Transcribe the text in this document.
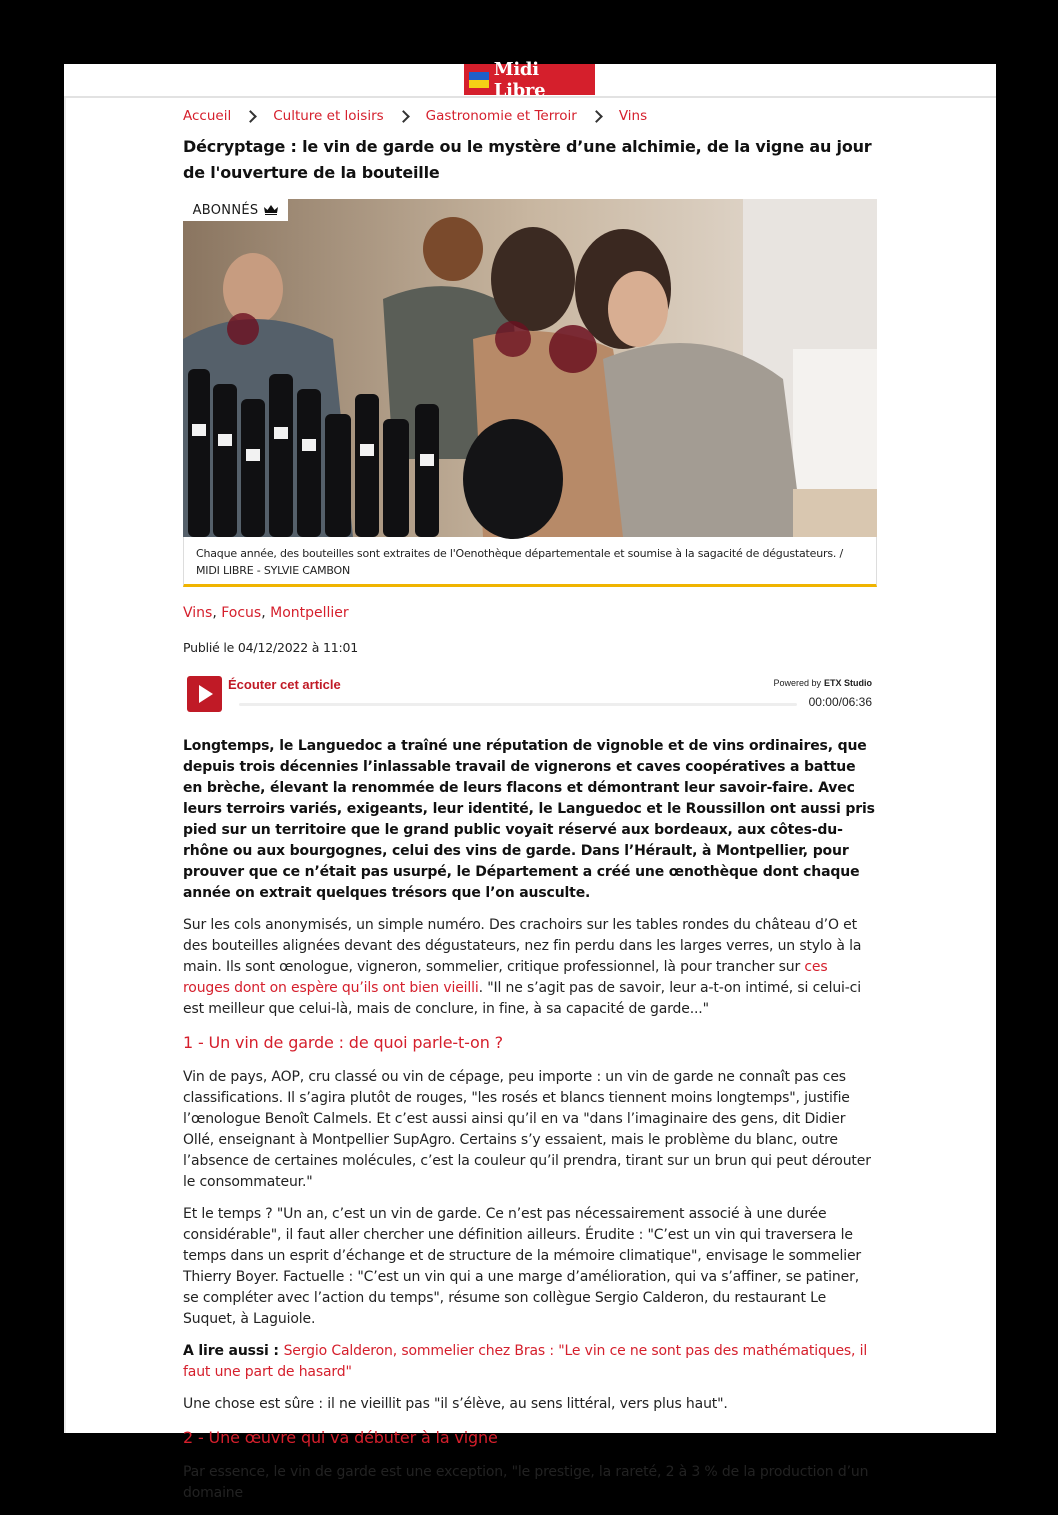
Midi Libre
Accueil	Culture et loisirs	Gastronomie et Terroir	Vins
Décryptage : le vin de garde ou le mystère d’une alchimie, de la vigne au jour de l'ouverture de la bouteille
ABONNÉS

Chaque année, des bouteilles sont extraites de l'Oenothèque départementale et soumise à la sagacité de dégustateurs. / MIDI LIBRE - SYLVIE CAMBON

Vins, Focus, Montpellier
Publié le 04/12/2022 à 11:01
Écouter cet article	Powered by ETX Studio
00:00/06:36

Longtemps, le Languedoc a traîné une réputation de vignoble et de vins ordinaires, que depuis trois décennies l’inlassable travail de vignerons et caves coopératives a battue en brèche, élevant la renommée de leurs flacons et démontrant leur savoir-faire. Avec leurs terroirs variés, exigeants, leur identité, le Languedoc et le Roussillon ont aussi pris pied sur un territoire que le grand public voyait réservé aux bordeaux, aux côtes-du-rhône ou aux bourgognes, celui des vins de garde. Dans l’Hérault, à Montpellier, pour prouver que ce n’était pas usurpé, le Département a créé une œnothèque dont chaque année on extrait quelques trésors que l’on ausculte.

Sur les cols anonymisés, un simple numéro. Des crachoirs sur les tables rondes du château d’O et des bouteilles alignées devant des dégustateurs, nez fin perdu dans les larges verres, un stylo à la main. Ils sont œnologue, vigneron, sommelier, critique professionnel, là pour trancher sur ces rouges dont on espère qu’ils ont bien vieilli. "Il ne s’agit pas de savoir, leur a-t-on intimé, si celui-ci est meilleur que celui-là, mais de conclure, in fine, à sa capacité de garde..."

1 - Un vin de garde : de quoi parle-t-on ?

Vin de pays, AOP, cru classé ou vin de cépage, peu importe : un vin de garde ne connaît pas ces classifications. Il s’agira plutôt de rouges, "les rosés et blancs tiennent moins longtemps", justifie l’œnologue Benoît Calmels. Et c’est aussi ainsi qu’il en va "dans l’imaginaire des gens, dit Didier Ollé, enseignant à Montpellier SupAgro. Certains s’y essaient, mais le problème du blanc, outre l’absence de certaines molécules, c’est la couleur qu’il prendra, tirant sur un brun qui peut dérouter le consommateur."

Et le temps ? "Un an, c’est un vin de garde. Ce n’est pas nécessairement associé à une durée considérable", il faut aller chercher une définition ailleurs. Érudite : "C’est un vin qui traversera le temps dans un esprit d’échange et de structure de la mémoire climatique", envisage le sommelier Thierry Boyer. Factuelle : "C’est un vin qui a une marge d’amélioration, qui va s’affiner, se patiner, se compléter avec l’action du temps", résume son collègue Sergio Calderon, du restaurant Le Suquet, à Laguiole.

A lire aussi : Sergio Calderon, sommelier chez Bras : "Le vin ce ne sont pas des mathématiques, il faut une part de hasard"

Une chose est sûre : il ne vieillit pas "il s’élève, au sens littéral, vers plus haut".

2 - Une œuvre qui va débuter à la vigne

Par essence, le vin de garde est une exception, "le prestige, la rareté, 2 à 3 % de la production d’un domaine
